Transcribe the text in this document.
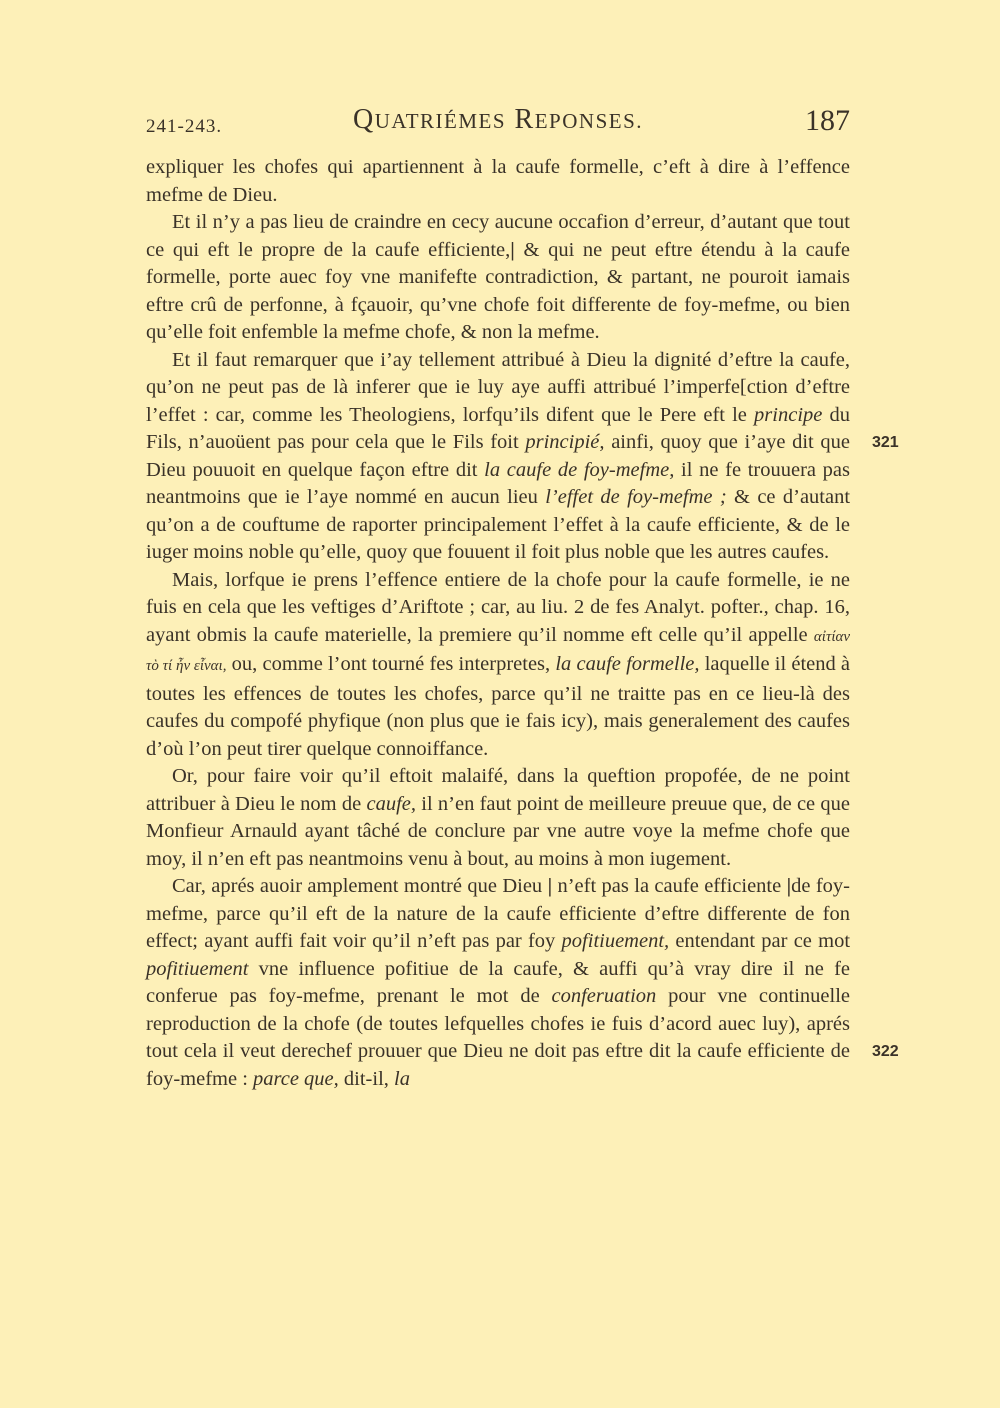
241-243.	QUATRIÉMES REPONSES.	187

expliquer les chofes qui apartiennent à la caufe formelle, c’eft à dire à l’effence mefme de Dieu.

Et il n’y a pas lieu de craindre en cecy aucune occafion d’erreur, d’autant que tout ce qui eft le propre de la caufe efficiente,| & qui ne peut eftre étendu à la caufe formelle, porte auec foy vne manifefte contradiction, & partant, ne pouroit iamais eftre crû de perfonne, à fçauoir, qu’vne chofe foit differente de foy-mefme, ou bien qu’elle foit enfemble la mefme chofe, & non la mefme.

Et il faut remarquer que i’ay tellement attribué à Dieu la dignité d’eftre la caufe, qu’on ne peut pas de là inferer que ie luy aye auffi attribué l’imperfe[ction d’eftre l’effet : car, comme les Theologiens, lorfqu’ils difent que le Pere eft le principe du Fils, n’auoüent pas pour cela que le Fils foit principié, ainfi, quoy que i’aye dit que Dieu pouuoit en quelque façon eftre dit la caufe de foy-mefme, il ne fe trouuera pas neantmoins que ie l’aye nommé en aucun lieu l’effet de foy-mefme ; & ce d’autant qu’on a de couftume de raporter principalement l’effet à la caufe efficiente, & de le iuger moins noble qu’elle, quoy que fouuent il foit plus noble que les autres caufes.

Mais, lorfque ie prens l’effence entiere de la chofe pour la caufe formelle, ie ne fuis en cela que les veftiges d’Ariftote ; car, au liu. 2 de fes Analyt. pofter., chap. 16, ayant obmis la caufe materielle, la premiere qu’il nomme eft celle qu’il appelle αἰτίαν τὸ τί ἦν εἶναι, ou, comme l’ont tourné fes interpretes, la caufe formelle, laquelle il étend à toutes les effences de toutes les chofes, parce qu’il ne traitte pas en ce lieu-là des caufes du compofé phyfique (non plus que ie fais icy), mais generalement des caufes d’où l’on peut tirer quelque connoiffance.

Or, pour faire voir qu’il eftoit malaifé, dans la queftion propofée, de ne point attribuer à Dieu le nom de caufe, il n’en faut point de meilleure preuue que, de ce que Monfieur Arnauld ayant tâché de conclure par vne autre voye la mefme chofe que moy, il n’en eft pas neantmoins venu à bout, au moins à mon iugement.

Car, aprés auoir amplement montré que Dieu | n’eft pas la caufe efficiente |de foy-mefme, parce qu’il eft de la nature de la caufe efficiente d’eftre differente de fon effect; ayant auffi fait voir qu’il n’eft pas par foy pofitiuement, entendant par ce mot pofitiuement vne influence pofitiue de la caufe, & auffi qu’à vray dire il ne fe conferue pas foy-mefme, prenant le mot de conferuation pour vne continuelle reproduction de la chofe (de toutes lefquelles chofes ie fuis d’acord auec luy), aprés tout cela il veut derechef prouuer que Dieu ne doit pas eftre dit la caufe efficiente de foy-mefme : parce que, dit-il, la

321
322
